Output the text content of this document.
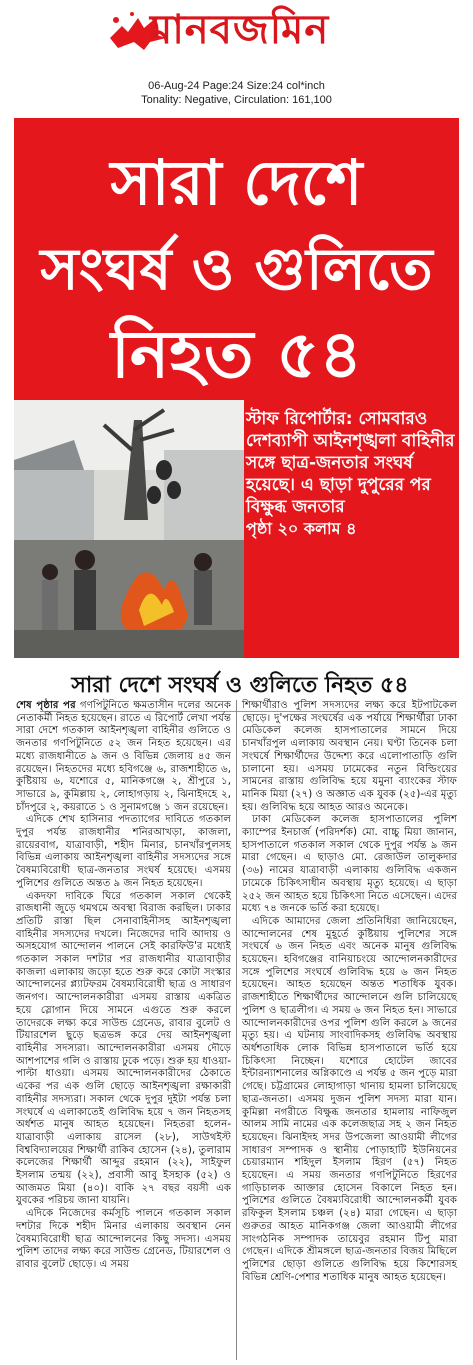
মানবজমিন
06-Aug-24 Page:24 Size:24 col*inch
Tonality: Negative, Circulation: 161,100
সারা দেশে
সংঘর্ষ ও গুলিতে
নিহত ৫৪
স্টাফ রিপোর্টার: সোমবারও দেশব্যাপী আইনশৃঙ্খলা বাহিনীর সঙ্গে ছাত্র-জনতার সংঘর্ষ হয়েছে। এ ছাড়া দুপুরের পর বিক্ষুব্ধ জনতার
পৃষ্ঠা ২০ কলাম ৪
সারা দেশে সংঘর্ষ ও গুলিতে নিহত ৫৪

শেষ পৃষ্ঠার পর গণপিটুনিতে ক্ষমতাসীন দলের অনেক নেতাকর্মী নিহত হয়েছেন। রাতে এ রিপোর্ট লেখা পর্যন্ত সারা দেশে গতকাল আইনশৃঙ্খলা বাহিনীর গুলিতে ও জনতার গণপিটুনিতে ৫২ জন নিহত হয়েছেন। এর মধ্যে রাজধানীতে ৯ জন ও বিভিন্ন জেলায় ৪৫ জন রয়েছেন। নিহতদের মধ্যে হবিগঞ্জে ৬, রাজশাহীতে ৬, কুষ্টিয়ায় ৬, যশোরে ৫, মানিকগঞ্জে ২, শ্রীপুরে ১, সাভারে ৯, কুমিল্লায় ২, লোহাগড়ায় ২, ঝিনাইদহে ২, চাঁদপুরে ২, কয়রাতে ১ ও সুনামগঞ্জে ১ জন রয়েছেন।

এদিকে শেখ হাসিনার পদত্যাগের দাবিতে গতকাল দুপুর পর্যন্ত রাজধানীর শনিরআখড়া, কাজলা, রায়েরবাগ, যাত্রাবাড়ী, শহীদ মিনার, চানখাঁরপুলসহ বিভিন্ন এলাকায় আইনশৃঙ্খলা বাহিনীর সদস্যদের সঙ্গে বৈষম্যবিরোধী ছাত্র-জনতার সংঘর্ষ হয়েছে। এসময় পুলিশের গুলিতে অন্তত ৯ জন নিহত হয়েছেন।

একদফা দাবিকে ঘিরে গতকাল সকাল থেকেই রাজধানী জুড়ে থমথমে অবস্থা বিরাজ করছিল। ঢাকার প্রতিটি রাস্তা ছিল সেনাবাহিনীসহ আইনশৃঙ্খলা বাহিনীর সদস্যদের দখলে। নিজেদের দাবি আদায় ও অসহযোগ আন্দোলন পালনে সেই কারফিউ'র মধ্যেই গতকাল সকাল দশটার পর রাজধানীর যাত্রাবাড়ীর কাজলা এলাকায় জড়ো হতে শুরু করে কোটা সংস্কার আন্দোলনের প্ল্যাটফরম বৈষম্যবিরোধী ছাত্র ও সাধারণ জনগণ। আন্দোলনকারীরা এসময় রাস্তায় একত্রিত হয়ে স্লোগান দিয়ে সামনে এগুতে শুরু করলে তাদেরকে লক্ষ্য করে সাউন্ড গ্রেনেড, রাবার বুলেট ও টিয়ারশেল ছুড়ে ছত্রভঙ্গ করে দেয় আইনশৃঙ্খলা বাহিনীর সদস্যরা। আন্দোলনকারীরা এসময় দৌড়ে আশপাশের গলি ও রাস্তায় ঢুকে পড়ে। শুরু হয় ধাওয়া-পাল্টা ধাওয়া। এসময় আন্দোলনকারীদের ঠেকাতে একের পর এক গুলি ছোড়ে আইনশৃঙ্খলা রক্ষাকারী বাহিনীর সদস্যরা। সকাল থেকে দুপুর দুইটা পর্যন্ত চলা সংঘর্ষে এ এলাকাতেই গুলিবিদ্ধ হয়ে ৭ জন নিহতসহ অর্ধশত মানুষ আহত হয়েছেন। নিহতরা হলেন- যাত্রাবাড়ী এলাকায় রাসেল (২৮), সাউথইস্ট বিশ্ববিদ্যালয়ের শিক্ষার্থী রাকিব হোসেন (২৪), তুলারাম কলেজের শিক্ষার্থী আব্দুর রহমান (২২), সাইফুল ইসলাম তন্ময় (২২), প্রবাসী আবু ইসহাক (৫২) ও আজমত মিয়া (৪০)। বাকি ২৭ বছর বয়সী এক যুবকের পরিচয় জানা যায়নি।

এদিকে নিজেদের কর্মসূচি পালনে গতকাল সকাল দশটার দিকে শহীদ মিনার এলাকায় অবস্থান নেন বৈষম্যবিরোধী ছাত্র আন্দোলনের কিছু সদস্য। এসময় পুলিশ তাদের লক্ষ্য করে সাউন্ড গ্রেনেড, টিয়ারশেল ও রাবার বুলেট ছোড়ে। এ সময়

শিক্ষার্থীরাও পুলিশ সদস্যদের লক্ষ্য করে ইটপাটকেল ছোড়ে। দু'পক্ষের সংঘর্ষের এক পর্যায়ে শিক্ষার্থীরা ঢাকা মেডিকেল কলেজ হাসপাতালের সামনে দিয়ে চানখাঁরপুল এলাকায় অবস্থান নেয়। ঘণ্টা তিনেক চলা সংঘর্ষে শিক্ষার্থীদের উদ্দেশ্য করে এলোপাতাড়ি গুলি চালানো হয়। এসময় ঢামেকের নতুন বিল্ডিংয়ের সামনের রাস্তায় গুলিবিদ্ধ হয়ে যমুনা ব্যাংকের স্টাফ মানিক মিয়া (২৭) ও অজ্ঞাত এক যুবক (২৫)-এর মৃত্যু হয়। গুলিবিদ্ধ হয়ে আহত আরও অনেকে।

ঢাকা মেডিকেল কলেজ হাসপাতালের পুলিশ ক্যাম্পের ইনচার্জ (পরিদর্শক) মো. বাচ্চু মিয়া জানান, হাসপাতালে গতকাল সকাল থেকে দুপুর পর্যন্ত ৯ জন মারা গেছেন। এ ছাড়াও মো. রেজাউল তালুকদার (৩৬) নামের যাত্রাবাড়ী এলাকায় গুলিবিদ্ধ একজন ঢামেকে চিকিৎসাধীন অবস্থায় মৃত্যু হয়েছে। এ ছাড়া ২৫২ জন আহত হয়ে চিকিৎসা নিতে এসেছেন। এদের মধ্যে ৭৪ জনকে ভর্তি করা হয়েছে।

এদিকে আমাদের জেলা প্রতিনিধিরা জানিয়েছেন, আন্দোলনের শেষ মুহূর্তে কুষ্টিয়ায় পুলিশের সঙ্গে সংঘর্ষে ৬ জন নিহত এবং অনেক মানুষ গুলিবিদ্ধ হয়েছেন। হবিগঞ্জের বানিয়াচংয়ে আন্দোলনকারীদের সঙ্গে পুলিশের সংঘর্ষে গুলিবিদ্ধ হয়ে ৬ জন নিহত হয়েছেন। আহত হয়েছেন অন্তত শতাধিক যুবক। রাজশাহীতে শিক্ষার্থীদের আন্দোলনে গুলি চালিয়েছে পুলিশ ও ছাত্রলীগ। এ সময় ৬ জন নিহত হন। সাভারে আন্দোলনকারীদের ওপর পুলিশ গুলি করলে ৯ জনের মৃত্যু হয়। এ ঘটনায় সাংবাদিকসহ গুলিবিদ্ধ অবস্থায় অর্ধশতাধিক লোক বিভিন্ন হাসপাতালে ভর্তি হয়ে চিকিৎসা নিচ্ছেন। যশোরে হোটেল জাবের ইন্টারন্যাশনালের অগ্নিকাণ্ডে এ পর্যন্ত ৫ জন পুড়ে মারা গেছে। চট্টগ্রামের লোহাগাড়া থানায় হামলা চালিয়েছে ছাত্র-জনতা। এসময় দুজন পুলিশ সদস্য মারা যান। কুমিল্লা নগরীতে বিক্ষুব্ধ জনতার হামলায় নাফিজুল আলম সামি নামের এক কলেজছাত্র সহ ২ জন নিহত হয়েছেন। ঝিনাইদহ সদর উপজেলা আওয়ামী লীগের সাধারণ সম্পাদক ও স্থানীয় পোড়াহাটি ইউনিয়নের চেয়ারম্যান শহিদুল ইসলাম হিরণ (৫৭) নিহত হয়েছেন। এ সময় জনতার গণপিটুনিতে হিরণের গাড়িচালক আক্তার হোসেন বিকালে নিহত হন। পুলিশের গুলিতে বৈষম্যবিরোধী আন্দোলনকর্মী যুবক রফিকুল ইসলাম চঞ্চল (২৪) মারা গেছেন। এ ছাড়া গুরুতর আহত মানিকগঞ্জ জেলা আওয়ামী লীগের সাংগঠনিক সম্পাদক তায়েবুর রহমান টিপু মারা গেছেন। এদিকে শ্রীমঙ্গলে ছাত্র-জনতার বিজয় মিছিলে পুলিশের ছোড়া গুলিতে গুলিবিদ্ধ হয়ে কিশোরসহ বিভিন্ন শ্রেণি-পেশার শতাধিক মানুষ আহত হয়েছেন।
